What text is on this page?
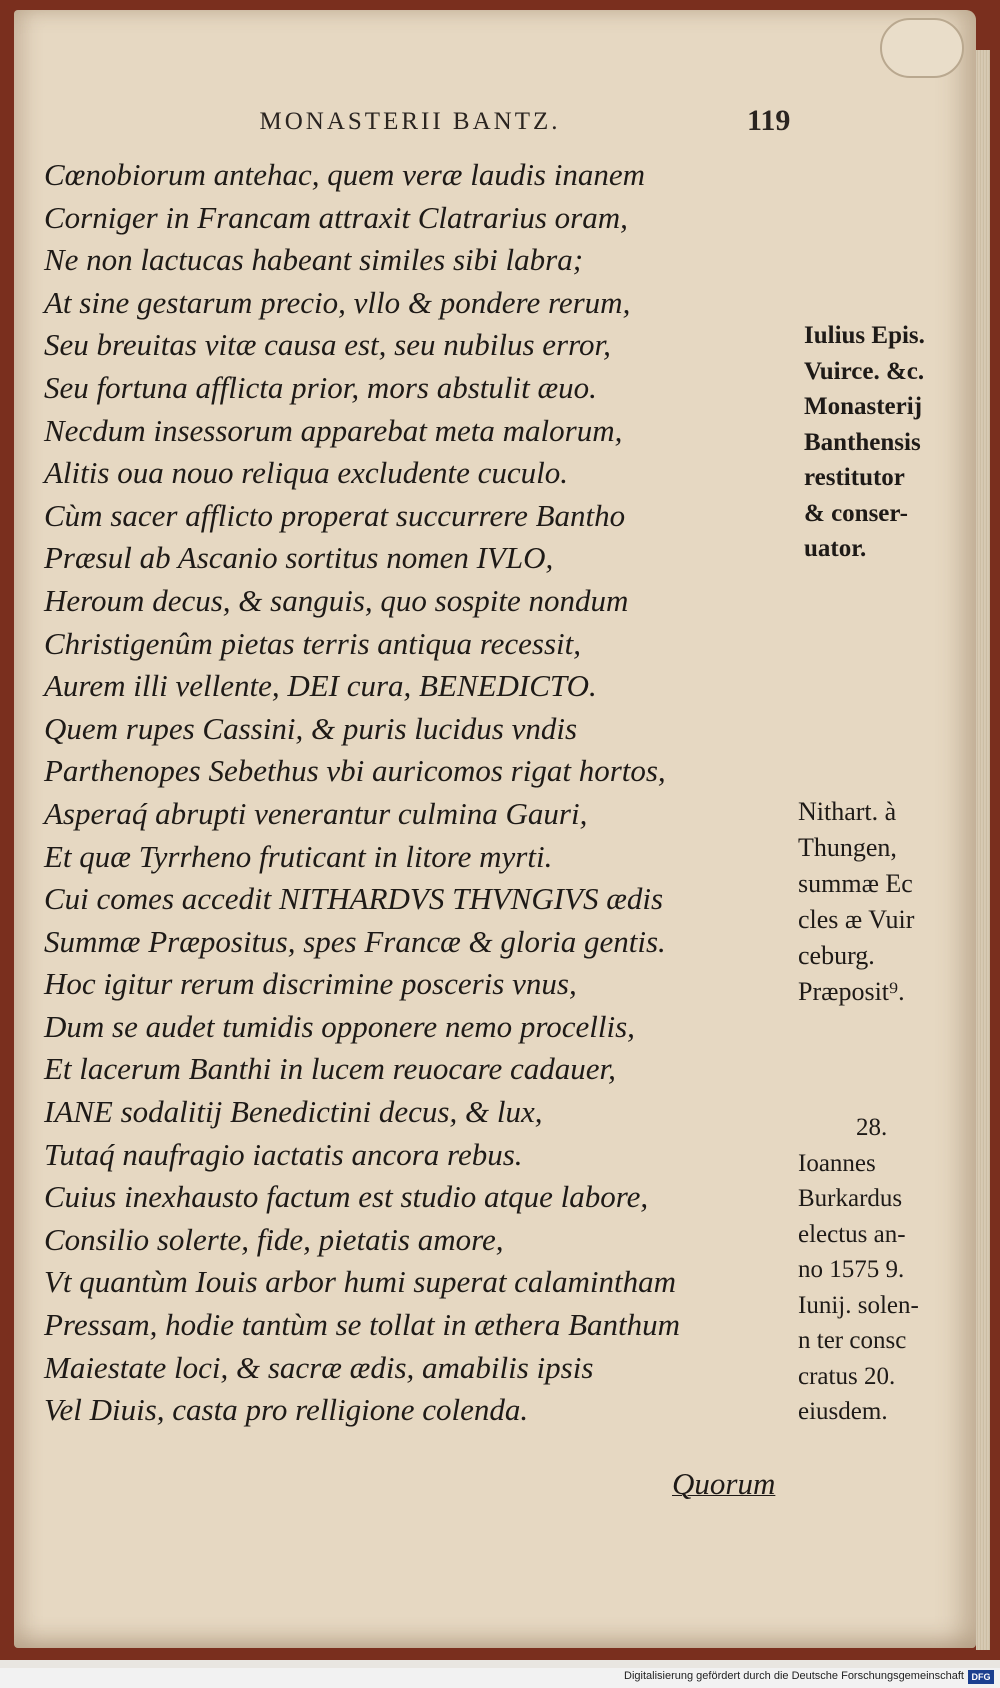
MONASTERII BANTZ.	119
Cœnobiorum antehac, quem veræ laudis inanem
Corniger in Francam attraxit Clatrarius oram,
Ne non lactucas habeant similes sibi labra;
At sine gestarum precio, vllo & pondere rerum,
Seu breuitas vitæ causa est, seu nubilus error,
Seu fortuna afflicta prior, mors abstulit æuo.
Necdum insessorum apparebat meta malorum,
Alitis oua nouo reliqua excludente cuculo.
Cùm sacer afflicto properat succurrere Bantho
Præsul ab Ascanio sortitus nomen IVLO,
Heroum decus, & sanguis, quo sospite nondum
Christigenûm pietas terris antiqua recessit,
Aurem illi vellente, DEI cura, BENEDICTO.
Quem rupes Cassini, & puris lucidus vndis
Parthenopes Sebethus vbi auricomos rigat hortos,
Asperaq́ abrupti venerantur culmina Gauri,
Et quæ Tyrrheno fruticant in litore myrti.
Cui comes accedit NITHARDVS THVNGIVS ædis
Summæ Præpositus, spes Francæ & gloria gentis.
Hoc igitur rerum discrimine posceris vnus,
Dum se audet tumidis opponere nemo procellis,
Et lacerum Banthi in lucem reuocare cadauer,
IANE sodalitij Benedictini decus, & lux,
Tutaq́ naufragio iactatis ancora rebus.
Cuius inexhausto factum est studio atque labore,
Consilio solerte, fide, pietatis amore,
Vt quantùm Iouis arbor humi superat calamintham
Pressam, hodie tantùm se tollat in æthera Banthum
Maiestate loci, & sacræ ædis, amabilis ipsis
Vel Diuis, casta pro relligione colenda.
Quorum
Iulius Epis.
Vuirce. &c.
Monasterij
Banthensis
restitutor
& conser-
uator.
Nithart. à
Thungen,
summæ Ec
cles æ Vuir
ceburg.
Præposit⁹.
28.
Ioannes
Burkardus
electus an-
no 1575 9.
Iunij. solen-
n ter consc
cratus 20.
eiusdem.
Digitalisierung gefördert durch die Deutsche Forschungsgemeinschaft DFG
